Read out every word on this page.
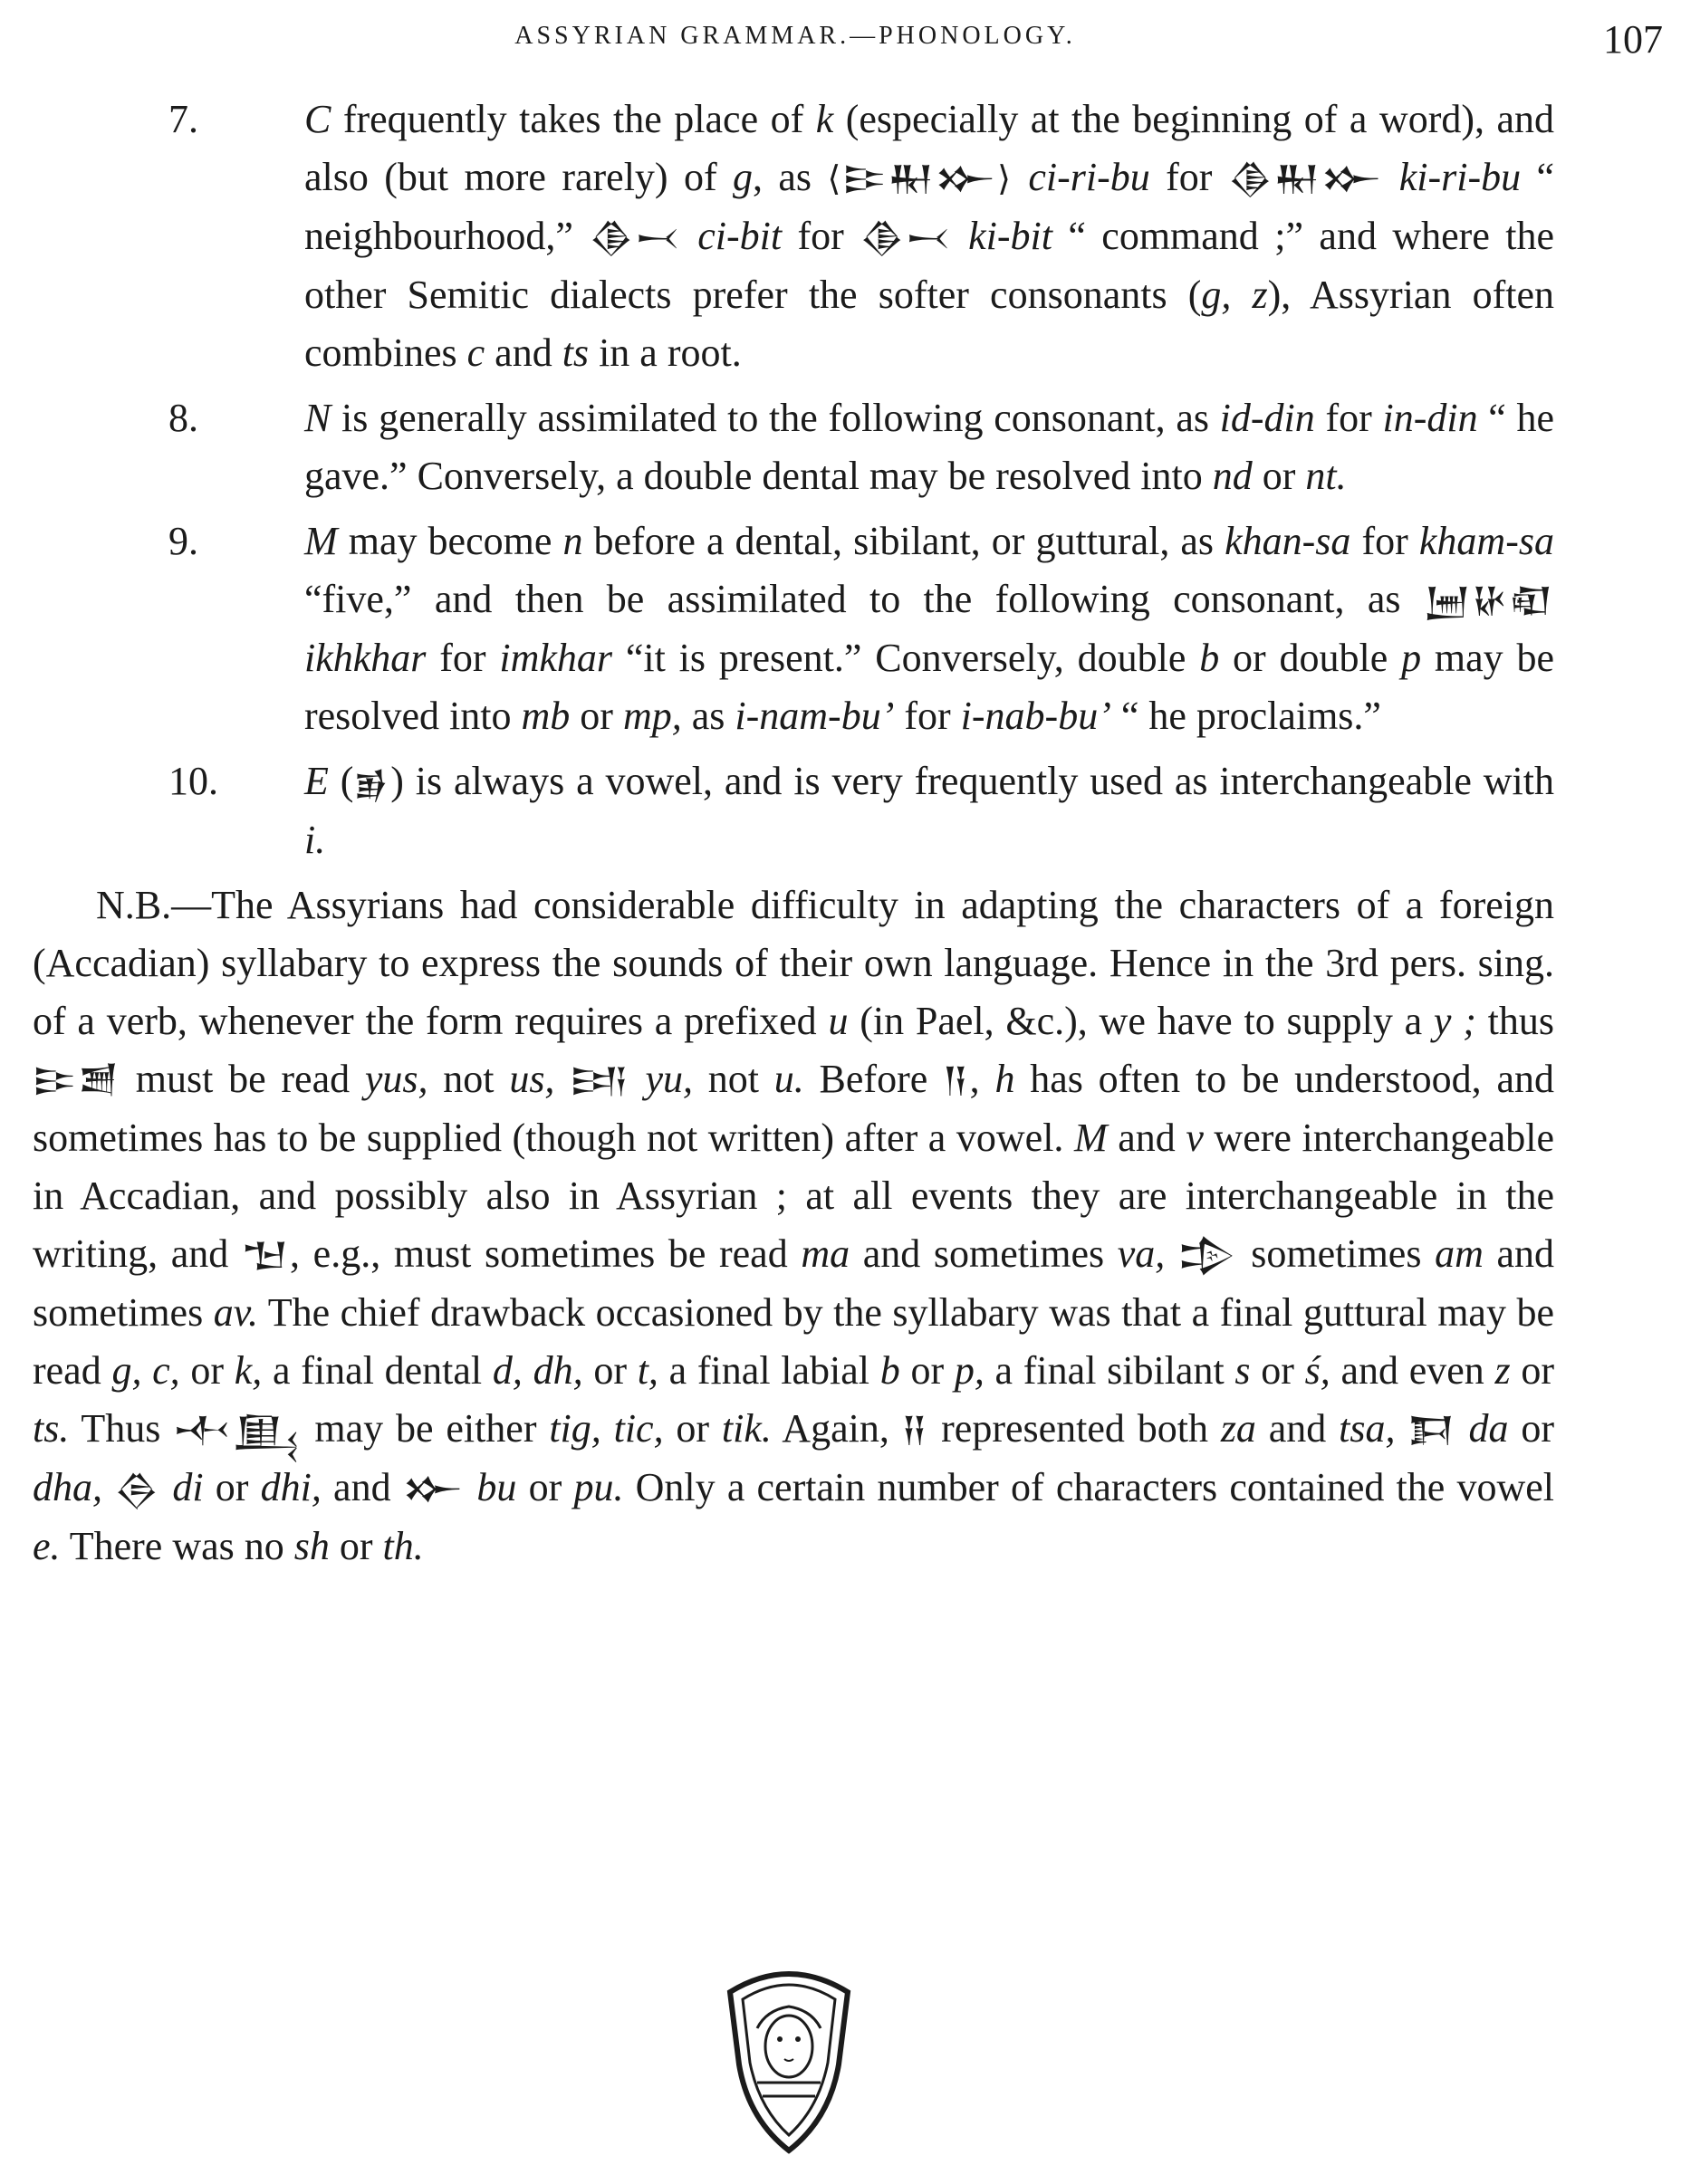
ASSYRIAN GRAMMAR.—PHONOLOGY.	107
7.	C frequently takes the place of k (especially at the beginning of a word), and also (but more rarely) of g, as ⟨𒄿𒊑𒁍⟩ ci-ri-bu for 𒆠𒊑𒁍 ki-ri-bu “ neighbourhood,” 𒆠𒁁 ci-bit for 𒆠𒁁 ki-bit “ command ;” and where the other Semitic dialects prefer the softer consonants (g, z), Assyrian often combines c and ts in a root.
8.	N is generally assimilated to the following consonant, as id-din for in-din “ he gave.” Conversely, a double dental may be resolved into nd or nt.
9.	M may become n before a dental, sibilant, or guttural, as khan-sa for kham-sa “five,” and then be assimilated to the following consonant, as 𒅁𒄩𒊏 ikhkhar for imkhar “it is present.” Conversely, double b or double p may be resolved into mb or mp, as i-nam-bu’ for i-nab-bu’ “ he proclaims.”
10.	E (𒂊) is always a vowel, and is very frequently used as interchangeable with i.

N.B.—The Assyrians had considerable difficulty in adapting the characters of a foreign (Accadian) syllabary to express the sounds of their own language. Hence in the 3rd pers. sing. of a verb, whenever the form requires a prefixed u (in Pael, &c.), we have to supply a y ; thus 𒄿𒍪 must be read yus, not us, 𒅀 yu, not u. Before 𒀀, h has often to be understood, and sometimes has to be supplied (though not written) after a vowel. M and v were interchangeable in Accadian, and possibly also in Assyrian ; at all events they are interchangeable in the writing, and 𒈠, e.g., must sometimes be read ma and sometimes va, 𒄠 sometimes am and sometimes av. The chief drawback occasioned by the syllabary was that a final guttural may be read g, c, or k, a final dental d, dh, or t, a final labial b or p, a final sibilant s or ś, and even z or ts. Thus 𒋾𒅅 may be either tig, tic, or tik. Again, 𒍝 represented both za and tsa, 𒁕 da or dha, 𒁲 di or dhi, and 𒁍 bu or pu. Only a certain number of characters contained the vowel e. There was no sh or th.
